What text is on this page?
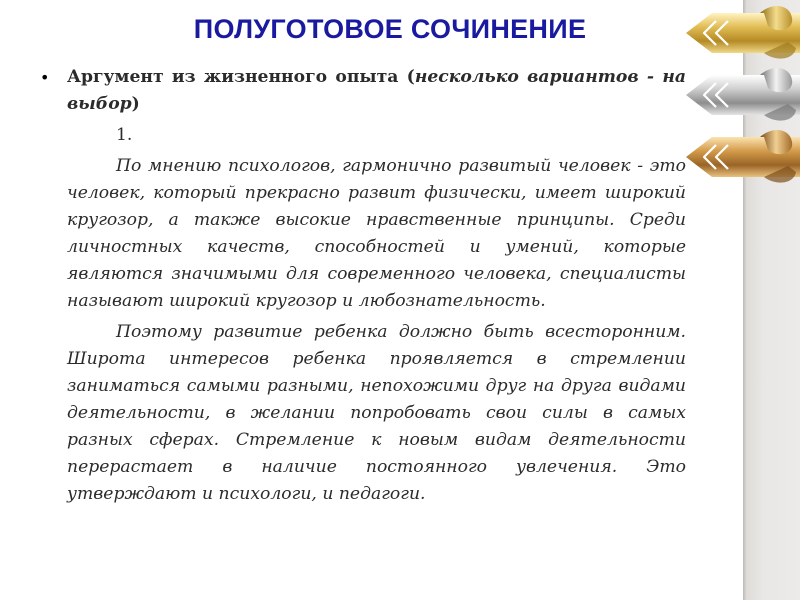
ПОЛУГОТОВОЕ СОЧИНЕНИЕ
•	Аргумент из жизненного опыта (несколько вариантов - на выбор)

1.

По мнению психологов, гармонично развитый человек - это человек, который прекрасно развит физически, имеет широкий кругозор, а также высокие нравственные принципы. Среди личностных качеств, способностей и умений, которые являются значимыми для современного человека, специалисты называют широкий кругозор и любознательность.

Поэтому развитие ребенка должно быть всесторонним. Широта интересов ребенка проявляется в стремлении заниматься самыми разными, непохожими друг на друга видами деятельности, в желании попробовать свои силы в самых разных сферах. Стремление к новым видам деятельности перерастает в наличие постоянного увлечения. Это утверждают и психологи, и педагоги.
